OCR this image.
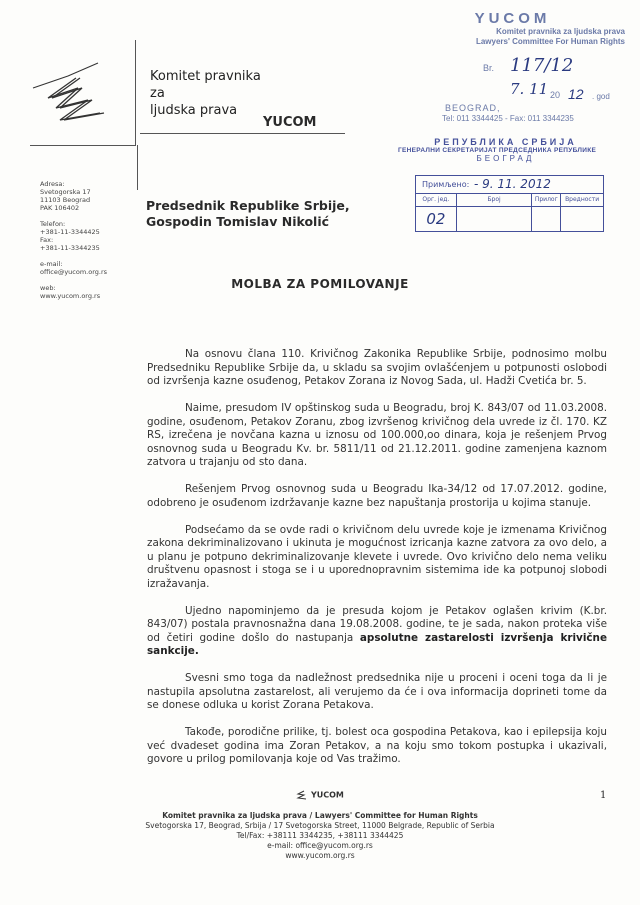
Komitet pravnika
za
ljudska prava
YUCOM
Adresa:
Svetogorska 17
11103 Beograd
PAK 106402
Telefon:
+381-11-3344425
Fax:
+381-11-3344235
e-mail:
office@yucom.org.rs
web:
www.yucom.org.rs
YUCOM
Komitet pravnika za ljudska prava
Lawyers' Committee For Human Rights
Br. 117/12
7. 11 20 12 . god
BEOGRAD,
Tel: 011 3344425 - Fax: 011 3344235
РЕПУБЛИКА СРБИЈА
ГЕНЕРАЛНИ СЕКРЕТАРИЈАТ ПРЕДСЕДНИКА РЕПУБЛИКЕ
БЕОГРАД
Примљено: - 9. 11. 2012
Орг. јед.	Број	Прилог	Вредности
02
Predsednik Republike Srbije,
Gospodin Tomislav Nikolić
MOLBA ZA POMILOVANJE

Na osnovu člana 110. Krivičnog Zakonika Republike Srbije, podnosimo molbu Predsedniku Republike Srbije da, u skladu sa svojim ovlašćenjem u potpunosti oslobodi od izvršenja kazne osuđenog, Petakov Zorana iz Novog Sada, ul. Hadži Cvetića br. 5.

Naime, presudom IV opštinskog suda u Beogradu, broj K. 843/07 od 11.03.2008. godine, osuđenom, Petakov Zoranu, zbog izvršenog krivičnog dela uvrede iz čl. 170. KZ RS, izrečena je novčana kazna u iznosu od 100.000,oo dinara, koja je rešenjem Prvog osnovnog suda u Beogradu Kv. br. 5811/11 od 21.12.2011. godine zamenjena kaznom zatvora u trajanju od sto dana.

Rešenjem Prvog osnovnog suda u Beogradu Ika-34/12 od 17.07.2012. godine, odobreno je osuđenom izdržavanje kazne bez napuštanja prostorija u kojima stanuje.

Podsećamo da se ovde radi o krivičnom delu uvrede koje je izmenama Krivičnog zakona dekriminalizovano i ukinuta je mogućnost izricanja kazne zatvora za ovo delo, a u planu je potpuno dekriminalizovanje klevete i uvrede. Ovo krivično delo nema veliku društvenu opasnost i stoga se i u uporednopravnim sistemima ide ka potpunoj slobodi izražavanja.

Ujedno napominjemo da je presuda kojom je Petakov oglašen krivim (K.br. 843/07) postala pravnosnažna dana 19.08.2008. godine, te je sada, nakon proteka više od četiri godine došlo do nastupanja apsolutne zastarelosti izvršenja krivične sankcije.

Svesni smo toga da nadležnost predsednika nije u proceni i oceni toga da li je nastupila apsolutna zastarelost, ali verujemo da će i ova informacija doprineti tome da se donese odluka u korist Zorana Petakova.

Takođe, porodične prilike, tj. bolest oca gospodina Petakova, kao i epilepsija koju već dvadeset godina ima Zoran Petakov, a na koju smo tokom postupka i ukazivali, govore u prilog pomilovanja koje od Vas tražimo.

1
YUCOM
Komitet pravnika za ljudska prava / Lawyers' Committee for Human Rights
Svetogorska 17, Beograd, Srbija / 17 Svetogorska Street, 11000 Belgrade, Republic of Serbia
Tel/Fax: +38111 3344235, +38111 3344425
e-mail: office@yucom.org.rs
www.yucom.org.rs
